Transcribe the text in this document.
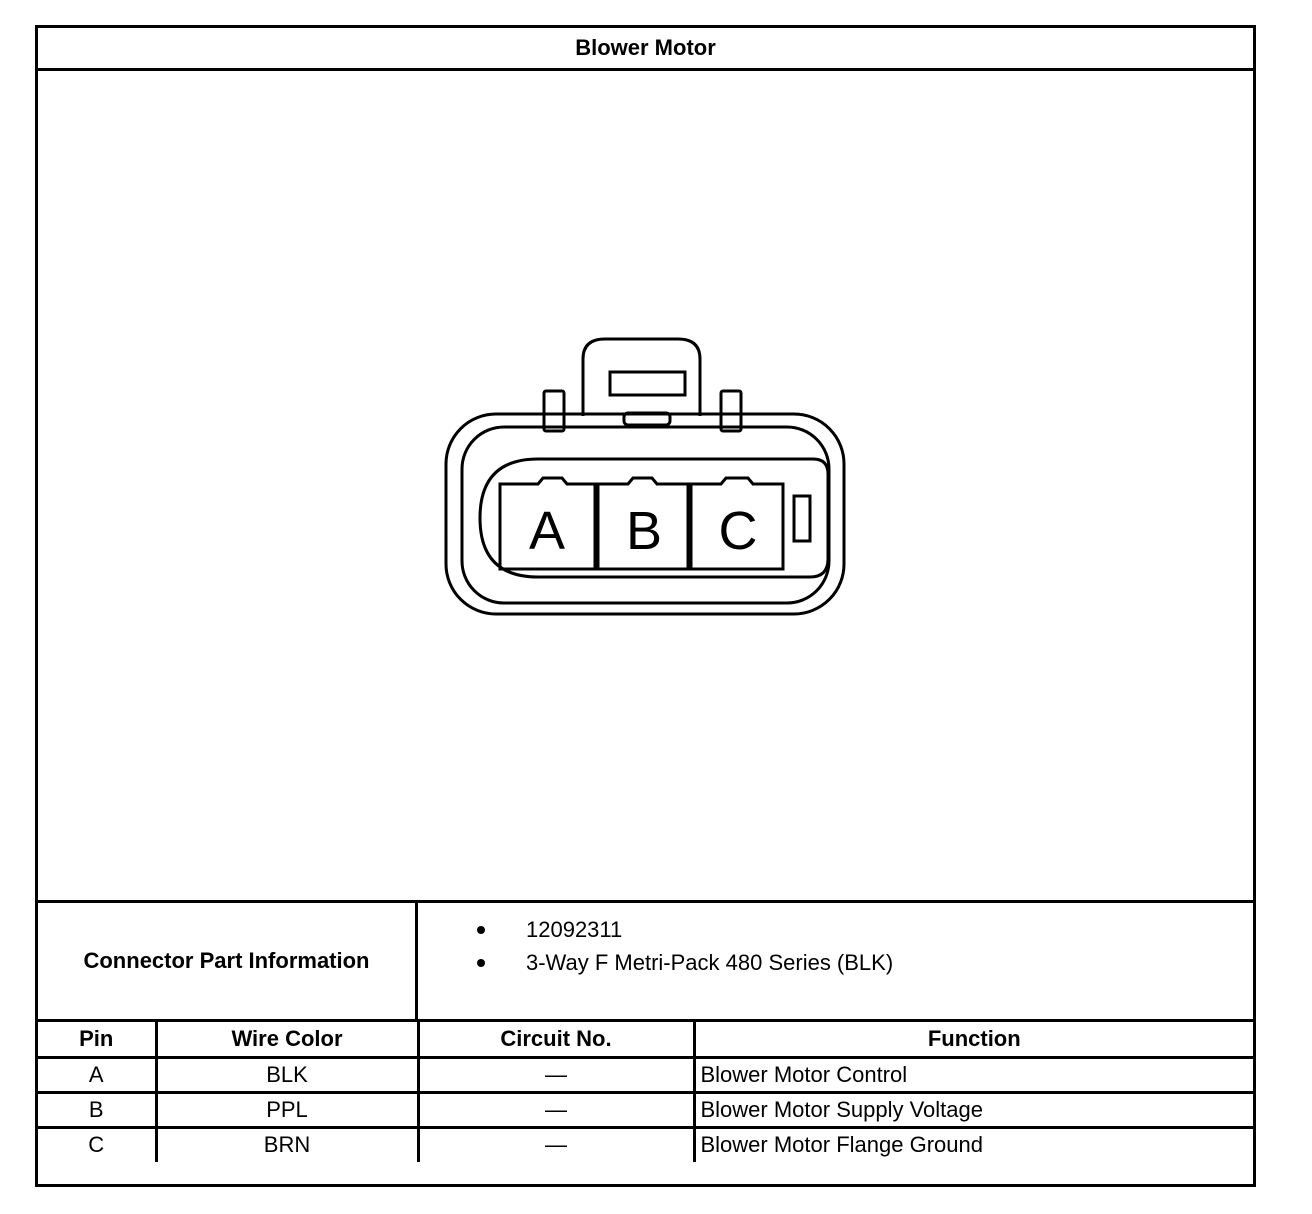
Blower Motor
A B C
Connector Part Information
12092311
3-Way F Metri-Pack 480 Series (BLK)
Pin	Wire Color	Circuit No.	Function
A	BLK	—	Blower Motor Control
B	PPL	—	Blower Motor Supply Voltage
C	BRN	—	Blower Motor Flange Ground
